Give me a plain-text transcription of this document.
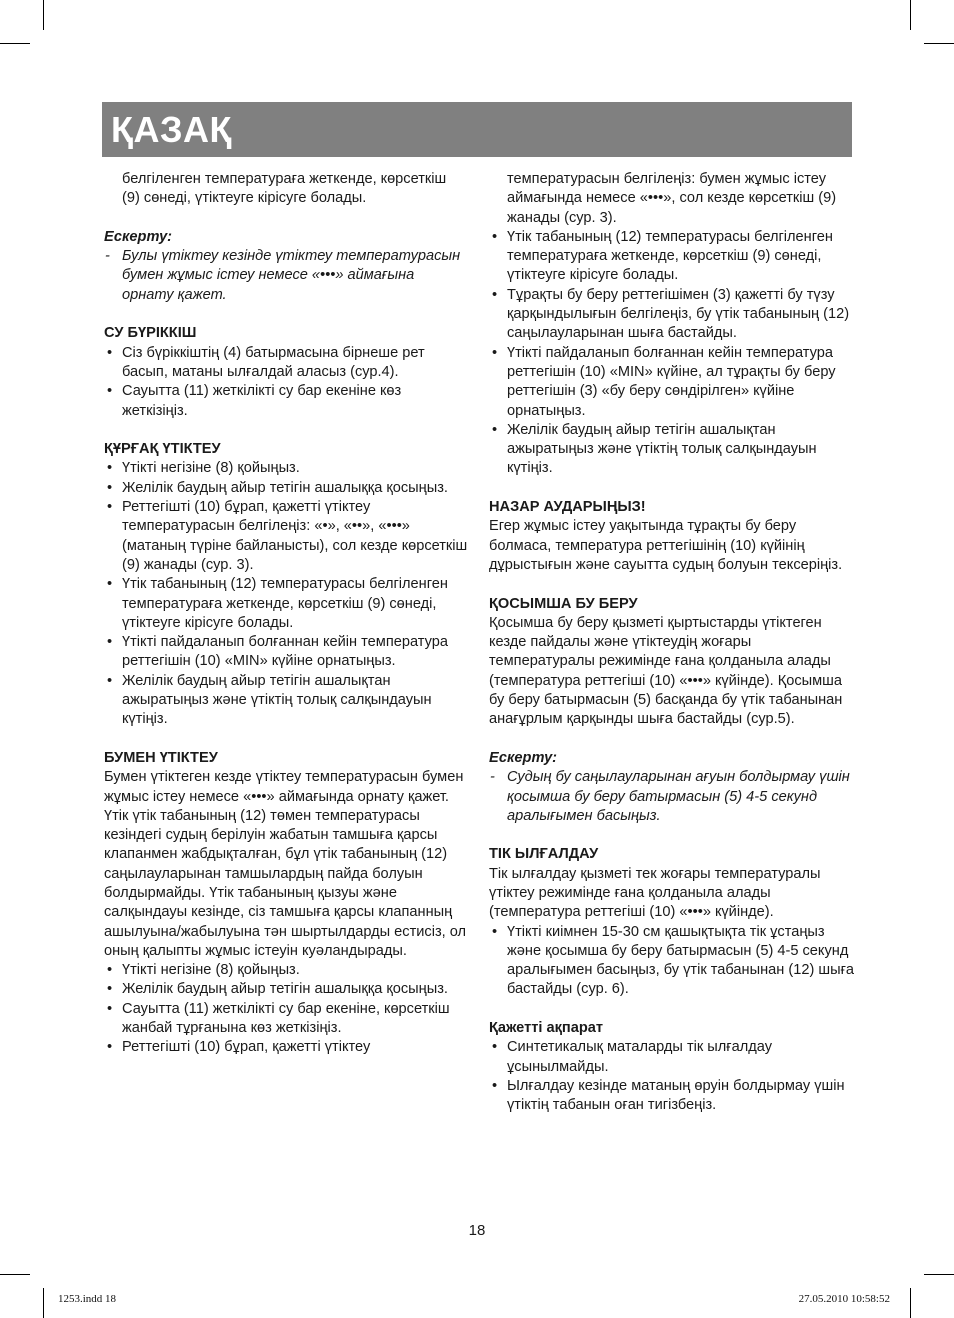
ҚАЗАҚ

белгіленген температураға жеткенде, көрсеткіш (9) сөнеді, үтіктеуге кірісуге болады.

Ескерту:

- Булы үтіктеу кезінде үтіктеу температурасын бумен жұмыс істеу немесе «•••» аймағына орнату қажет.

СУ БҮРІККІШ

• Сіз бүріккіштің (4) батырмасына бірнеше рет басып, матаны ылғалдай аласыз (сур.4).
• Сауытта (11) жеткілікті су бар екеніне көз жеткізіңіз.

ҚҰРҒАҚ ҮТІКТЕУ

• Үтікті негізіне (8) қойыңыз.
• Желілік баудың айыр тетігін ашалыққа қосыңыз.
• Реттегішті (10) бұрап, қажетті үтіктеу температурасын белгілеңіз: «•», «••», «•••» (матаның түріне байланысты), сол кезде көрсеткіш (9) жанады (сур. 3).
• Үтік табанының (12) температурасы белгіленген температураға жеткенде, көрсеткіш (9) сөнеді, үтіктеуге кірісуге болады.
• Үтікті пайдаланып болғаннан кейін температура реттегішін (10) «MIN» күйіне орнатыңыз.
• Желілік баудың айыр тетігін ашалықтан ажыратыңыз және үтіктің толық салқындауын күтіңіз.

БУМЕН ҮТІКТЕУ

Бумен үтіктеген кезде үтіктеу температурасын бумен жұмыс істеу немесе «•••» аймағында орнату қажет.

Үтік үтік табанының (12) төмен температурасы кезіндегі судың берілуін жабатын тамшыға қарсы клапанмен жабдықталған, бұл үтік табанының (12) саңылауларынан тамшылардың пайда болуын болдырмайды. Үтік табанының қызуы және салқындауы кезінде, сіз тамшыға қарсы клапанның ашылуына/жабылуына тән шыртылдарды естисіз, ол оның қалыпты жұмыс істеуін куәландырады.

• Үтікті негізіне (8) қойыңыз.
• Желілік баудың айыр тетігін ашалыққа қосыңыз.
• Сауытта (11) жеткілікті су бар екеніне, көрсеткіш жанбай тұрғанына көз жеткізіңіз.
• Реттегішті (10) бұрап, қажетті үтіктеу

температурасын белгілеңіз: бумен жұмыс істеу аймағында немесе «•••», сол кезде көрсеткіш (9) жанады (сур. 3).

• Үтік табанының (12) температурасы белгіленген температураға жеткенде, көрсеткіш (9) сөнеді, үтіктеуге кірісуге болады.
• Тұрақты бу беру реттегішімен (3) қажетті бу түзу қарқындылығын белгілеңіз, бу үтік табанының (12) саңылауларынан шыға бастайды.
• Үтікті пайдаланып болғаннан кейін температура реттегішін (10) «MIN» күйіне, ал тұрақты бу беру реттегішін (3) «бу беру сөндірілген» күйіне орнатыңыз.
• Желілік баудың айыр тетігін ашалықтан ажыратыңыз және үтіктің толық салқындауын күтіңіз.

НАЗАР АУДАРЫҢЫЗ!

Егер жұмыс істеу уақытында тұрақты бу беру болмаса, температура реттегішінің (10) күйінің дұрыстығын және сауытта судың болуын тексеріңіз.

ҚОСЫМША БУ БЕРУ

Қосымша бу беру қызметі қыртыстарды үтіктеген кезде пайдалы және үтіктеудің жоғары температуралы режимінде ғана қолданыла алады (температура реттегіші (10) «•••» күйінде). Қосымша бу беру батырмасын (5) басқанда бу үтік табанынан анағұрлым қарқынды шыға бастайды (сур.5).

Ескерту:

- Судың бу саңылауларынан ағуын болдырмау үшін қосымша бу беру батырмасын (5) 4-5 секунд аралығымен басыңыз.

ТІК ЫЛҒАЛДАУ

Тік ылғалдау қызметі тек жоғары температуралы үтіктеу режимінде ғана қолданыла алады (температура реттегіші (10) «•••» күйінде).

• Үтікті киімнен 15-30 см қашықтықта тік ұстаңыз және қосымша бу беру батырмасын (5) 4-5 секунд аралығымен басыңыз, бу үтік табанынан (12) шыға бастайды (сур. 6).

Қажетті ақпарат

• Синтетикалық маталарды тік ылғалдау ұсынылмайды.
• Ылғалдау кезінде матаның өруін болдырмау үшін үтіктің табанын оған тигізбеңіз.
18
1253.indd 18	27.05.2010 10:58:52
